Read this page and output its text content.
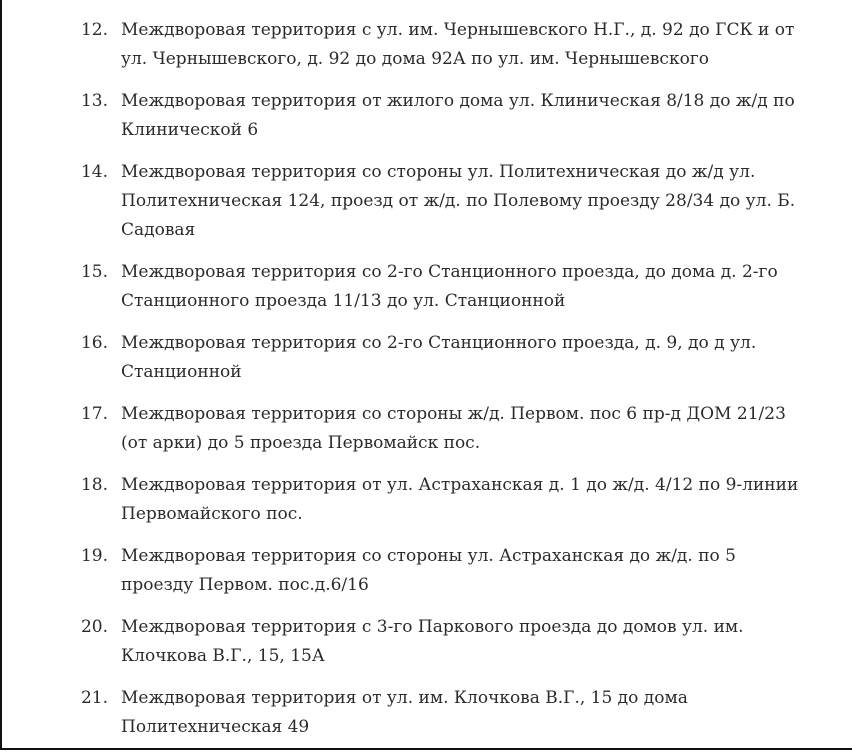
12. Междворовая территория с ул. им. Чернышевского Н.Г., д. 92 до ГСК и от ул. Чернышевского, д. 92 до дома 92А по ул. им. Чернышевского
13. Междворовая территория от жилого дома ул. Клиническая 8/18 до ж/д по Клинической 6
14. Междворовая территория со стороны ул. Политехническая до ж/д ул. Политехническая 124, проезд от ж/д. по Полевому проезду 28/34 до ул. Б. Садовая
15. Междворовая территория со 2-го Станционного проезда, до дома д. 2-го Станционного проезда 11/13 до ул. Станционной
16. Междворовая территория со 2-го Станционного проезда, д. 9, до д ул. Станционной
17. Междворовая территория со стороны ж/д. Первом. пос 6 пр-д ДОМ 21/23 (от арки) до 5 проезда Первомайск пос.
18. Междворовая территория от ул. Астраханская д. 1 до ж/д. 4/12 по 9-линии Первомайского пос.
19. Междворовая территория со стороны ул. Астраханская до ж/д. по 5 проезду Первом. пос.д.6/16
20. Междворовая территория с 3-го Паркового проезда до домов ул. им. Клочкова В.Г., 15, 15А
21. Междворовая территория от ул. им. Клочкова В.Г., 15 до дома Политехническая 49
